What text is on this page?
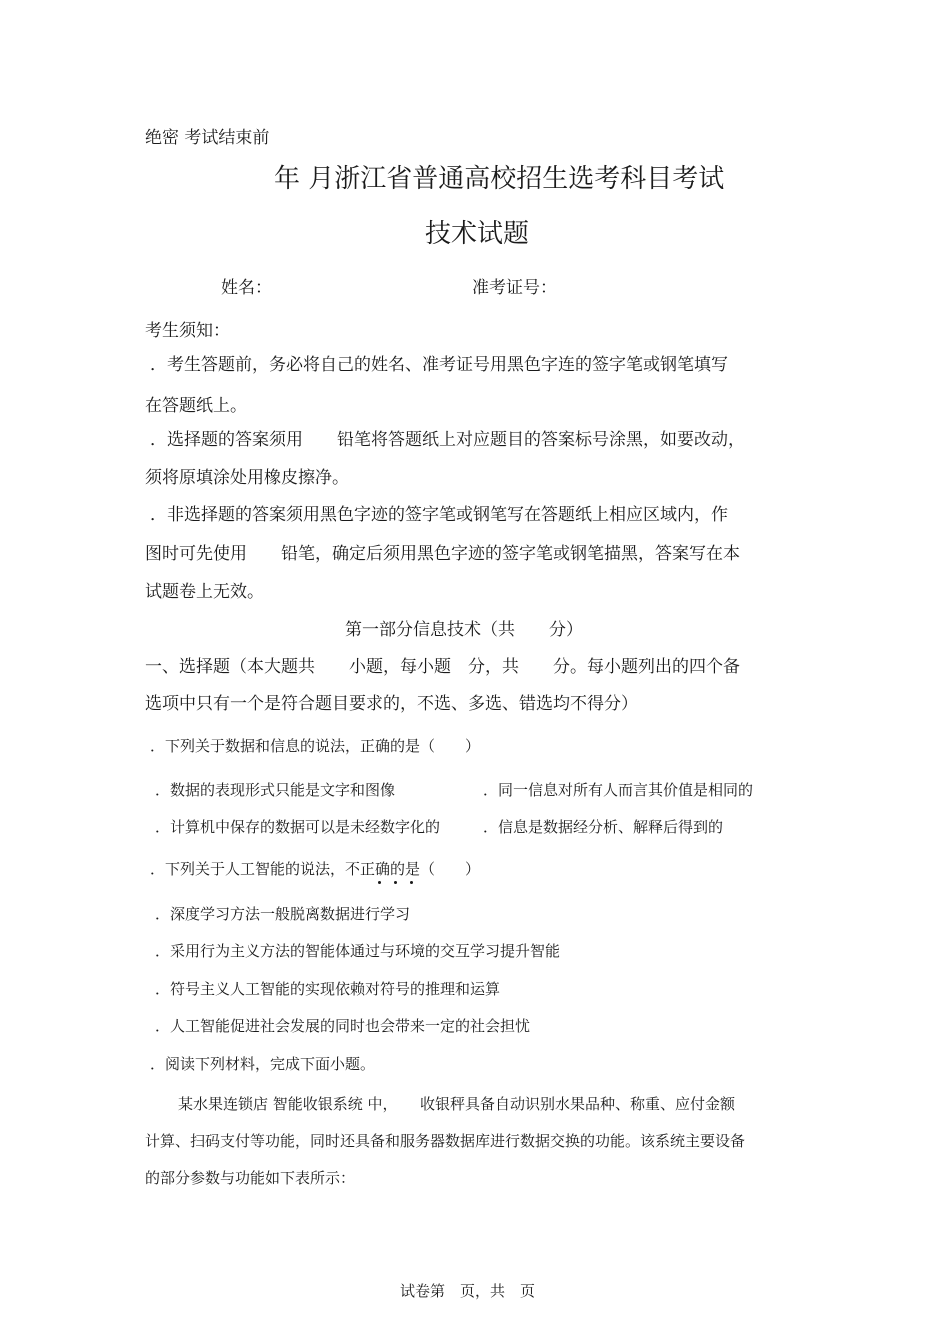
绝密 考试结束前
年 月浙江省普通高校招生选考科目考试
技术试题
姓名：	准考证号：
考生须知：
．考生答题前，务必将自己的姓名、准考证号用黑色字连的签字笔或钢笔填写
在答题纸上。
．选择题的答案须用　　铅笔将答题纸上对应题目的答案标号涂黑，如要改动，
须将原填涂处用橡皮擦净。
．非选择题的答案须用黑色字迹的签字笔或钢笔写在答题纸上相应区域内，作
图时可先使用　　铅笔，确定后须用黑色字迹的签字笔或钢笔描黑，答案写在本
试题卷上无效。
第一部分信息技术（共　　分）
一、选择题（本大题共　　小题，每小题　分，共　　分。每小题列出的四个备
选项中只有一个是符合题目要求的，不选、多选、错选均不得分）
．下列关于数据和信息的说法，正确的是（　　）
．数据的表现形式只能是文字和图像	．同一信息对所有人而言其价值是相同的
．计算机中保存的数据可以是未经数字化的	．信息是数据经分析、解释后得到的
．下列关于人工智能的说法，不正确的是（　　）
．深度学习方法一般脱离数据进行学习
．采用行为主义方法的智能体通过与环境的交互学习提升智能
．符号主义人工智能的实现依赖对符号的推理和运算
．人工智能促进社会发展的同时也会带来一定的社会担忧
．阅读下列材料，完成下面小题。
某水果连锁店 智能收银系统 中，　　收银秤具备自动识别水果品种、称重、应付金额
计算、扫码支付等功能，同时还具备和服务器数据库进行数据交换的功能。该系统主要设备
的部分参数与功能如下表所示：
试卷第　页，共　页
